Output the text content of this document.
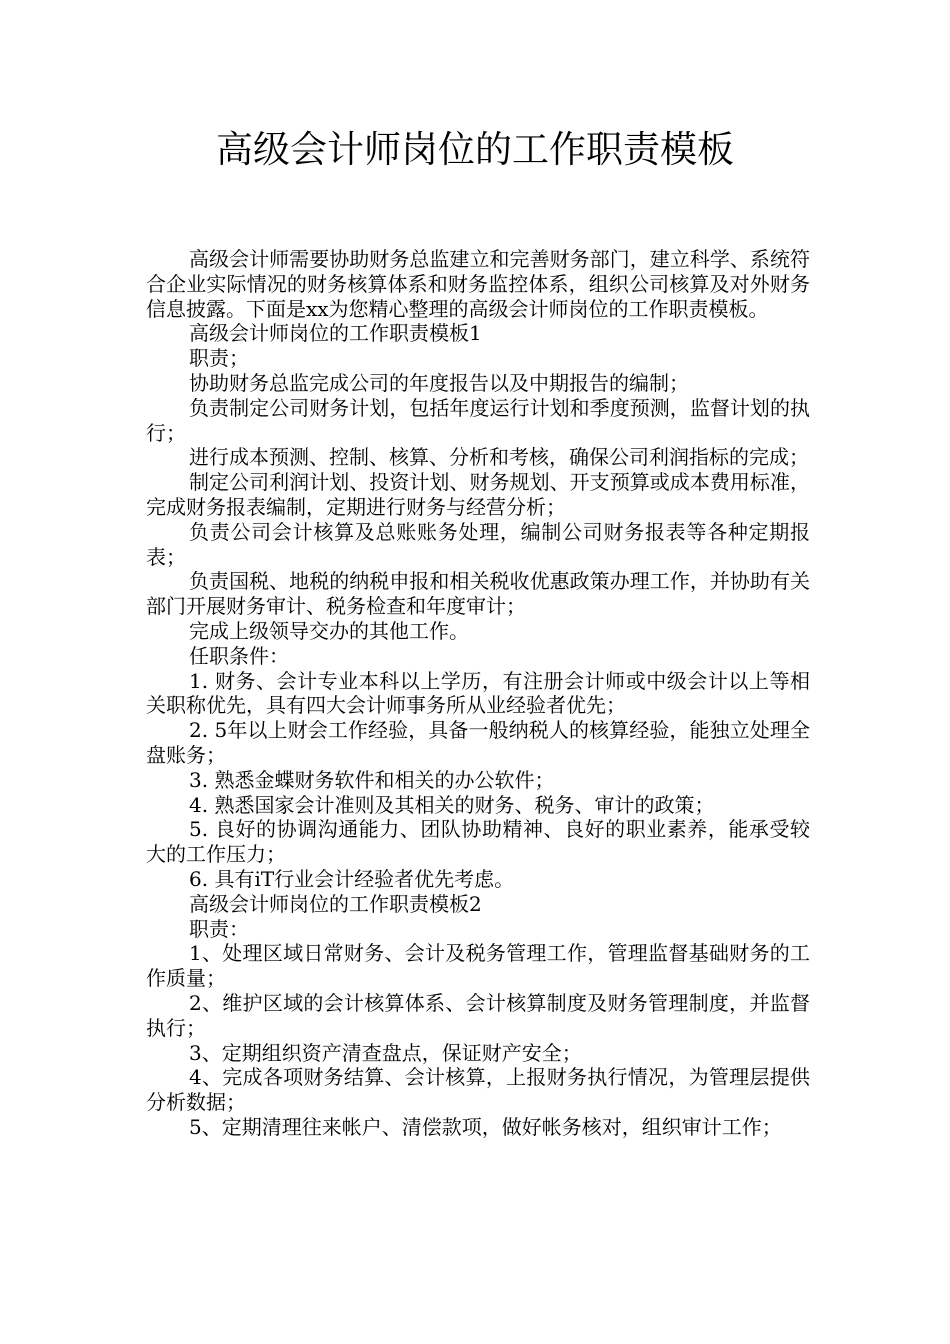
高级会计师岗位的工作职责模板

高级会计师需要协助财务总监建立和完善财务部门，建立科学、系统符合企业实际情况的财务核算体系和财务监控体系，组织公司核算及对外财务信息披露。下面是xx为您精心整理的高级会计师岗位的工作职责模板。

高级会计师岗位的工作职责模板1

职责；

协助财务总监完成公司的年度报告以及中期报告的编制；

负责制定公司财务计划，包括年度运行计划和季度预测，监督计划的执行；

进行成本预测、控制、核算、分析和考核，确保公司利润指标的完成；

制定公司利润计划、投资计划、财务规划、开支预算或成本费用标准，完成财务报表编制，定期进行财务与经营分析；

负责公司会计核算及总账账务处理，编制公司财务报表等各种定期报表；

负责国税、地税的纳税申报和相关税收优惠政策办理工作，并协助有关部门开展财务审计、税务检查和年度审计；

完成上级领导交办的其他工作。

任职条件：

1. 财务、会计专业本科以上学历，有注册会计师或中级会计以上等相关职称优先，具有四大会计师事务所从业经验者优先；

2. 5年以上财会工作经验，具备一般纳税人的核算经验，能独立处理全盘账务；

3. 熟悉金蝶财务软件和相关的办公软件；

4. 熟悉国家会计准则及其相关的财务、税务、审计的政策；

5. 良好的协调沟通能力、团队协助精神、良好的职业素养，能承受较大的工作压力；

6. 具有iT行业会计经验者优先考虑。

高级会计师岗位的工作职责模板2

职责：

1、处理区域日常财务、会计及税务管理工作，管理监督基础财务的工作质量；

2、维护区域的会计核算体系、会计核算制度及财务管理制度，并监督执行；

3、定期组织资产清查盘点，保证财产安全；

4、完成各项财务结算、会计核算，上报财务执行情况，为管理层提供分析数据；

5、定期清理往来帐户、清偿款项，做好帐务核对，组织审计工作；
